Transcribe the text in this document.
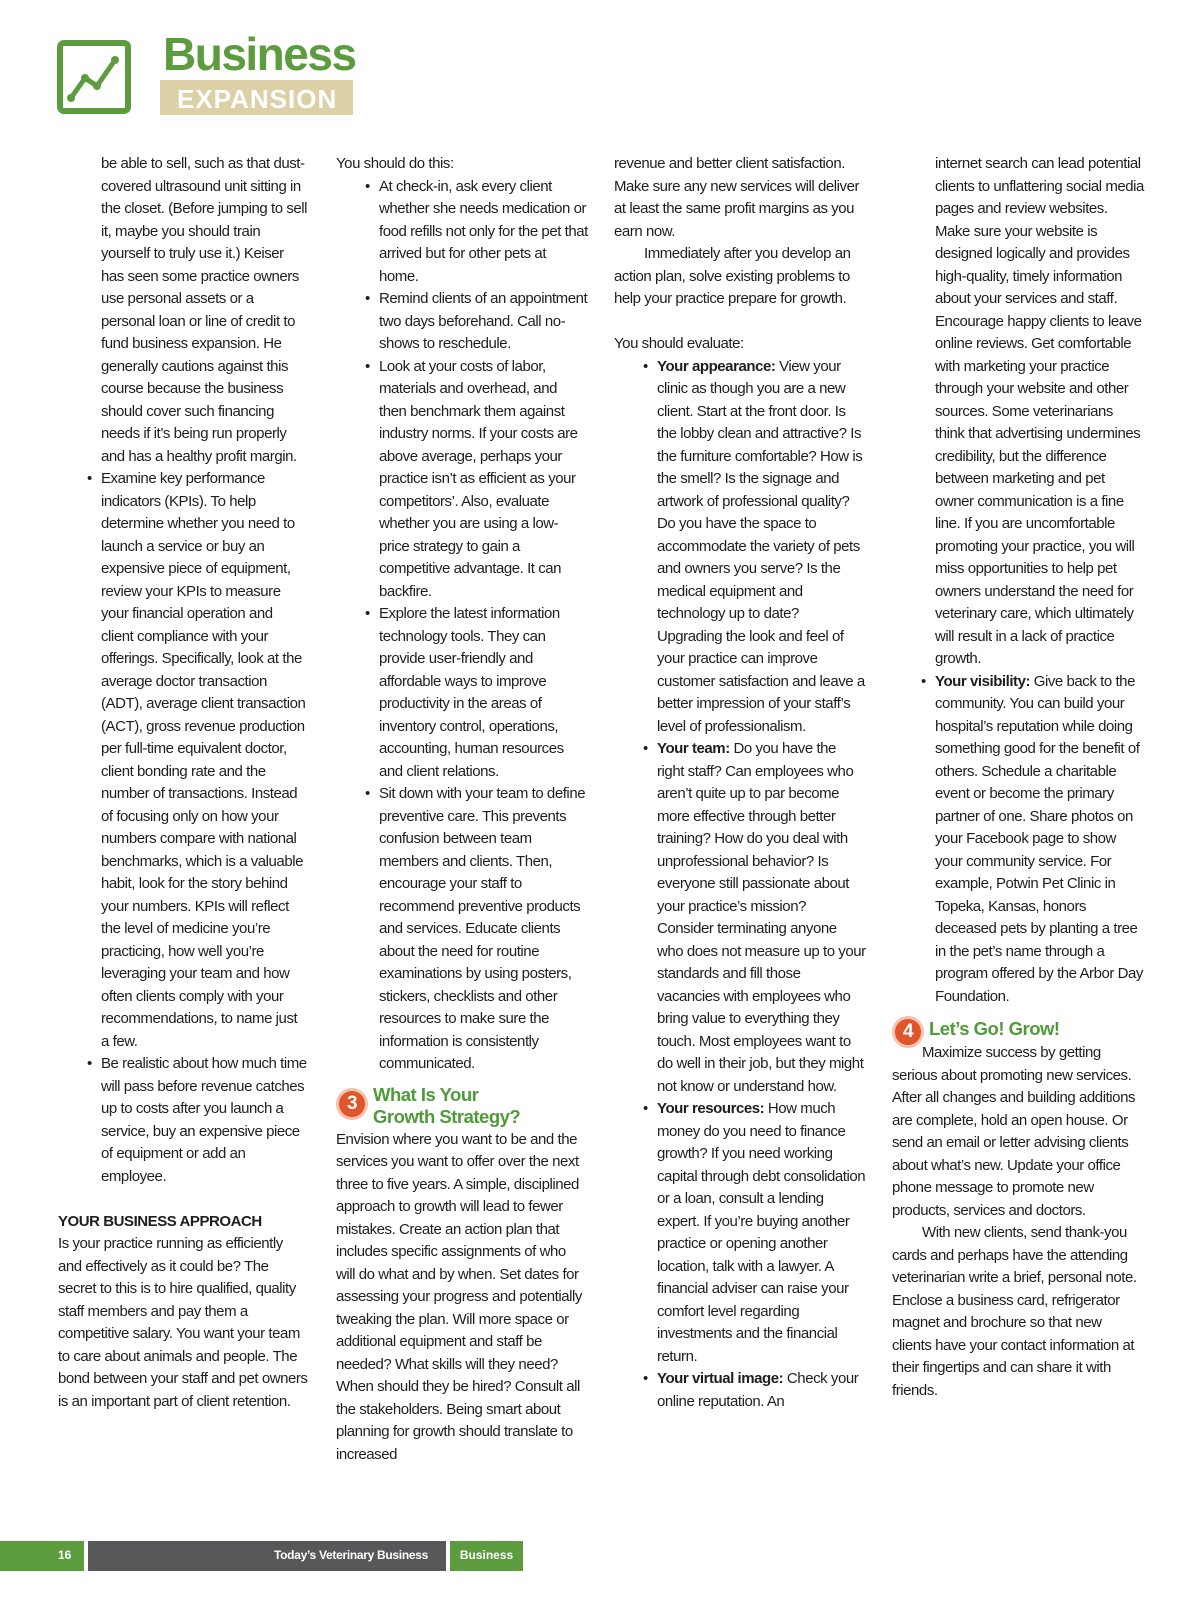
Business
EXPANSION
be able to sell, such as that dust-covered ultrasound unit sitting in the closet. (Before jumping to sell it, maybe you should train yourself to truly use it.) Keiser has seen some practice owners use personal assets or a personal loan or line of credit to fund business expansion. He generally cautions against this course because the business should cover such financing needs if it’s being run properly and has a healthy profit margin.
• Examine key performance indicators (KPIs). To help determine whether you need to launch a service or buy an expensive piece of equipment, review your KPIs to measure your financial operation and client compliance with your offerings. Specifically, look at the average doctor transaction (ADT), average client transaction (ACT), gross revenue production per full-time equivalent doctor, client bonding rate and the number of transactions. Instead of focusing only on how your numbers compare with national benchmarks, which is a valuable habit, look for the story behind your numbers. KPIs will reflect the level of medicine you’re practicing, how well you’re leveraging your team and how often clients comply with your recommendations, to name just a few.
• Be realistic about how much time will pass before revenue catches up to costs after you launch a service, buy an expensive piece of equipment or add an employee.

YOUR BUSINESS APPROACH

Is your practice running as efficiently and effectively as it could be? The secret to this is to hire qualified, quality staff members and pay them a competitive salary. You want your team to care about animals and people. The bond between your staff and pet owners is an important part of client retention.

You should do this:

• At check-in, ask every client whether she needs medication or food refills not only for the pet that arrived but for other pets at home.
• Remind clients of an appointment two days beforehand. Call no-shows to reschedule.
• Look at your costs of labor, materials and overhead, and then benchmark them against industry norms. If your costs are above average, perhaps your practice isn’t as efficient as your competitors’. Also, evaluate whether you are using a low-price strategy to gain a competitive advantage. It can backfire.
• Explore the latest information technology tools. They can provide user-friendly and affordable ways to improve productivity in the areas of inventory control, operations, accounting, human resources and client relations.
• Sit down with your team to define preventive care. This prevents confusion between team members and clients. Then, encourage your staff to recommend preventive products and services. Educate clients about the need for routine examinations by using posters, stickers, checklists and other resources to make sure the information is consistently communicated.
3 What Is Your
Growth Strategy?

Envision where you want to be and the services you want to offer over the next three to five years. A simple, disciplined approach to growth will lead to fewer mistakes. Create an action plan that includes specific assignments of who will do what and by when. Set dates for assessing your progress and potentially tweaking the plan. Will more space or additional equipment and staff be needed? What skills will they need? When should they be hired? Consult all the stakeholders. Being smart about planning for growth should translate to increased

revenue and better client satisfaction. Make sure any new services will deliver at least the same profit margins as you earn now.

Immediately after you develop an action plan, solve existing problems to help your practice prepare for growth.

You should evaluate:

• Your appearance: View your clinic as though you are a new client. Start at the front door. Is the lobby clean and attractive? Is the furniture comfortable? How is the smell? Is the signage and artwork of professional quality? Do you have the space to accommodate the variety of pets and owners you serve? Is the medical equipment and technology up to date? Upgrading the look and feel of your practice can improve customer satisfaction and leave a better impression of your staff’s level of professionalism.
• Your team: Do you have the right staff? Can employees who aren’t quite up to par become more effective through better training? How do you deal with unprofessional behavior? Is everyone still passionate about your practice’s mission? Consider terminating anyone who does not measure up to your standards and fill those vacancies with employees who bring value to everything they touch. Most employees want to do well in their job, but they might not know or understand how.
• Your resources: How much money do you need to finance growth? If you need working capital through debt consolidation or a loan, consult a lending expert. If you’re buying another practice or opening another location, talk with a lawyer. A financial adviser can raise your comfort level regarding investments and the financial return.
• Your virtual image: Check your online reputation. An
internet search can lead potential clients to unflattering social media pages and review websites. Make sure your website is designed logically and provides high-quality, timely information about your services and staff. Encourage happy clients to leave online reviews. Get comfortable with marketing your practice through your website and other sources. Some veterinarians think that advertising undermines credibility, but the difference between marketing and pet owner communication is a fine line. If you are uncomfortable promoting your practice, you will miss opportunities to help pet owners understand the need for veterinary care, which ultimately will result in a lack of practice growth.
• Your visibility: Give back to the community. You can build your hospital’s reputation while doing something good for the benefit of others. Schedule a charitable event or become the primary partner of one. Share photos on your Facebook page to show your community service. For example, Potwin Pet Clinic in Topeka, Kansas, honors deceased pets by planting a tree in the pet’s name through a program offered by the Arbor Day Foundation.
4 Let’s Go! Grow!

Maximize success by getting serious about promoting new services. After all changes and building additions are complete, hold an open house. Or send an email or letter advising clients about what’s new. Update your office phone message to promote new products, services and doctors.

With new clients, send thank-you cards and perhaps have the attending veterinarian write a brief, personal note. Enclose a business card, refrigerator magnet and brochure so that new clients have your contact information at their fingertips and can share it with friends.

16	Today’s Veterinary Business	Business
